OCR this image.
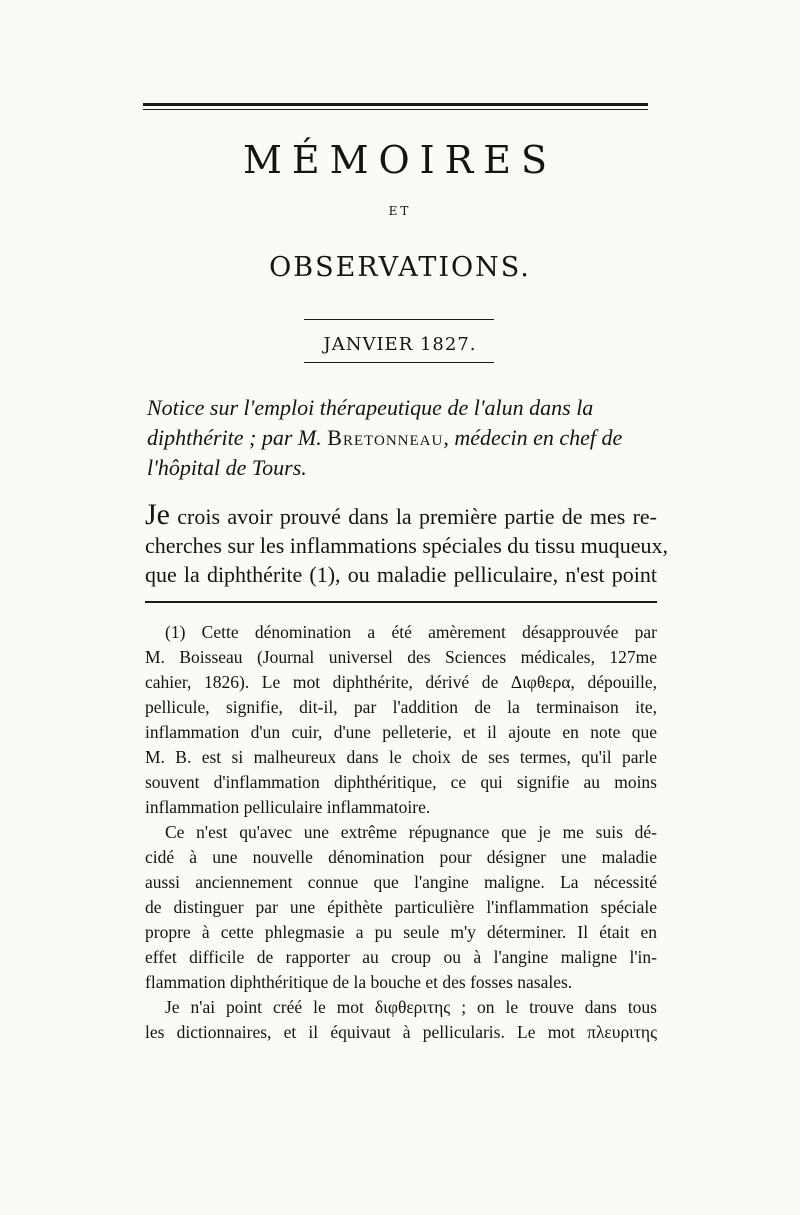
MÉMOIRES
ET
OBSERVATIONS.
JANVIER 1827.
Notice sur l'emploi thérapeutique de l'alun dans la
diphthérite ; par M. Bretonneau, médecin en chef de
l'hôpital de Tours.
Je crois avoir prouvé dans la première partie de mes re-
cherches sur les inflammations spéciales du tissu muqueux,
que la diphthérite (1), ou maladie pelliculaire, n'est point
(1) Cette dénomination a été amèrement désapprouvée par
M. Boisseau (Journal universel des Sciences médicales, 127me
cahier, 1826). Le mot diphthérite, dérivé de Διφθερα, dépouille,
pellicule, signifie, dit-il, par l'addition de la terminaison ite,
inflammation d'un cuir, d'une pelleterie, et il ajoute en note que
M. B. est si malheureux dans le choix de ses termes, qu'il parle
souvent d'inflammation diphthéritique, ce qui signifie au moins
inflammation pelliculaire inflammatoire.
Ce n'est qu'avec une extrême répugnance que je me suis dé-
cidé à une nouvelle dénomination pour désigner une maladie
aussi anciennement connue que l'angine maligne. La nécessité
de distinguer par une épithète particulière l'inflammation spéciale
propre à cette phlegmasie a pu seule m'y déterminer. Il était en
effet difficile de rapporter au croup ou à l'angine maligne l'in-
flammation diphthéritique de la bouche et des fosses nasales.
Je n'ai point créé le mot διφθεριτης ; on le trouve dans tous
les dictionnaires, et il équivaut à pellicularis. Le mot πλευριτης
